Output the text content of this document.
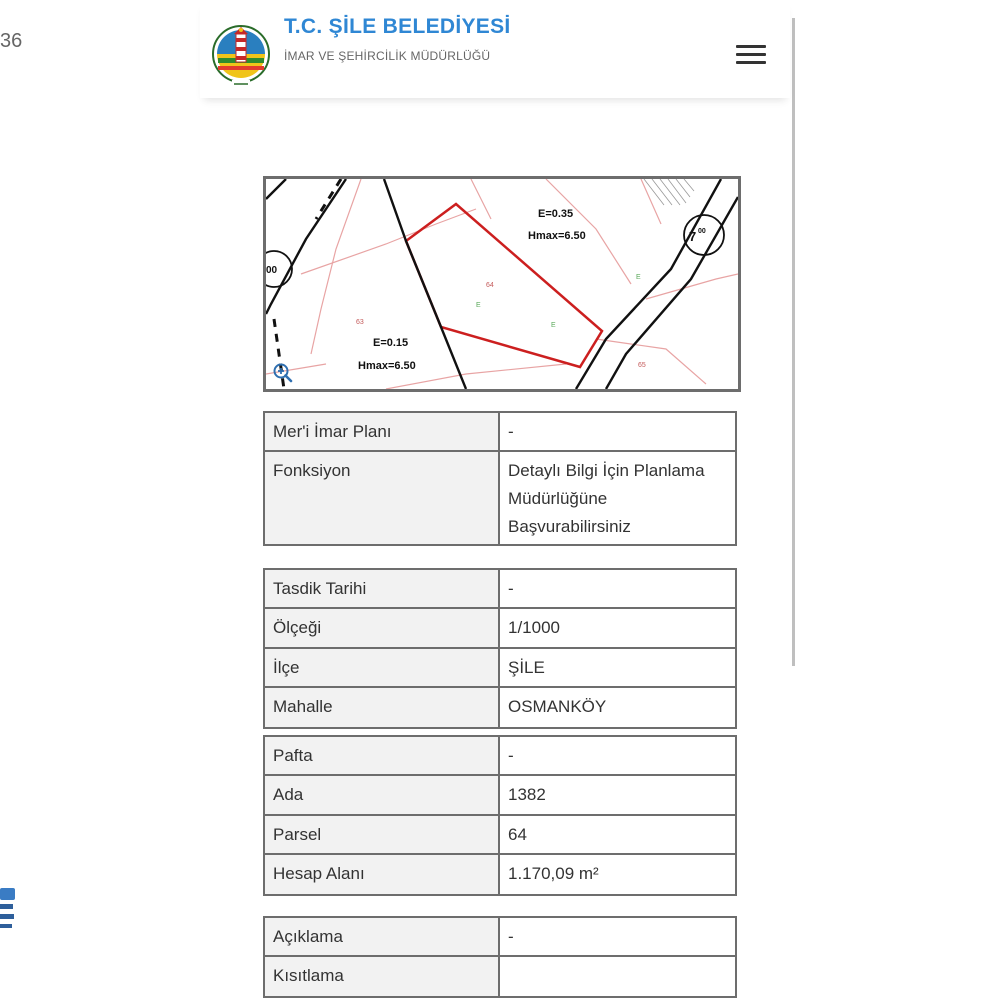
36
T.C. ŞİLE BELEDİYESİ
İMAR VE ŞEHİRCİLİK MÜDÜRLÜĞÜ
64
63
65
E
E
E
E=0.35
Hmax=6.50
E=0.15
Hmax=6.50
7 00
00
Mer'i İmar Planı	-
Fonksiyon	Detaylı Bilgi İçin Planlama Müdürlüğüne Başvurabilirsiniz
Tasdik Tarihi	-
Ölçeği	1/1000
İlçe	ŞİLE
Mahalle	OSMANKÖY
Pafta	-
Ada	1382
Parsel	64
Hesap Alanı	1.170,09 m²
Açıklama	-
Kısıtlama	
